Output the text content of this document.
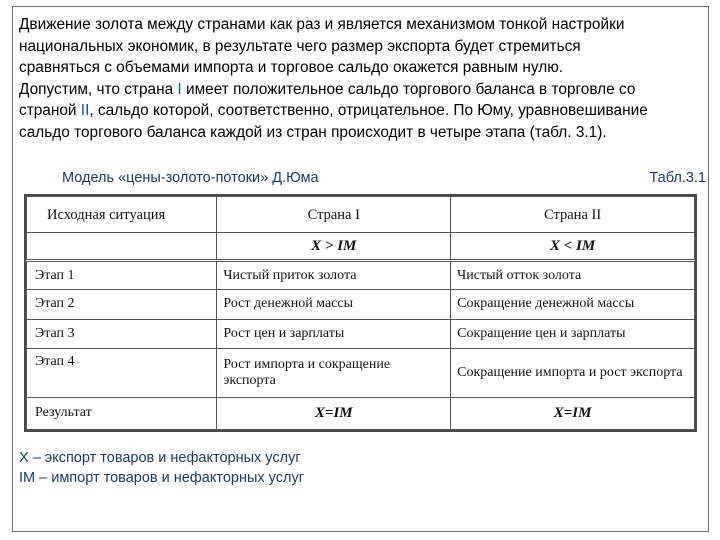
Движение золота между странами как раз и является механизмом тонкой настройки

национальных экономик, в результате чего размер экспорта будет стремиться

сравняться с объемами импорта и торговое сальдо окажется равным нулю.

Допустим, что страна I имеет положительное сальдо торгового баланса в торговле со

страной II, сальдо которой, соответственно, отрицательное. По Юму, уравновешивание

сальдо торгового баланса каждой из стран происходит в четыре этапа (табл. 3.1).

Модель «цены-золото-потоки» Д.Юма	Табл.3.1
Исходная ситуация	Страна I	Страна II
	X > IM	X < IM
Этап 1	Чистый приток золота	Чистый отток золота
Этап 2	Рост денежной массы	Сокращение денежной массы
Этап 3	Рост цен и зарплаты	Сокращение цен и зарплаты
Этап 4	Рост импорта и сокращение экспорта	Сокращение импорта и рост экспорта
Результат	X=IM	X=IM

X – экспорт товаров и нефакторных услуг

IM – импорт товаров и нефакторных услуг
